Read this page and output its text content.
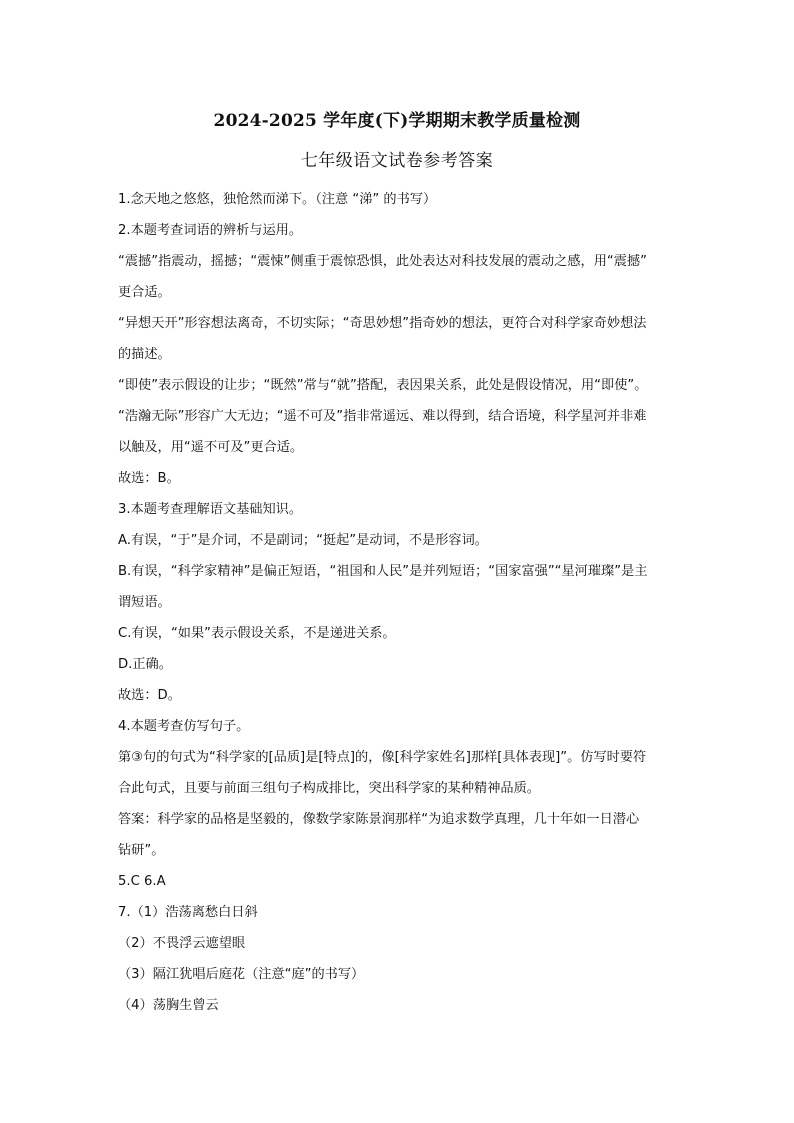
2024-2025 学年度(下)学期期末教学质量检测
七年级语文试卷参考答案
1.念天地之悠悠，独怆然而涕下。（注意 “涕” 的书写）
2.本题考查词语的辨析与运用。
“震撼”指震动，摇撼；“震悚”侧重于震惊恐惧，此处表达对科技发展的震动之感，用“震撼”
更合适。
“异想天开”形容想法离奇，不切实际；“奇思妙想”指奇妙的想法，更符合对科学家奇妙想法
的描述。
“即使”表示假设的让步；“既然”常与“就”搭配，表因果关系，此处是假设情况，用“即使”。
“浩瀚无际”形容广大无边；“遥不可及”指非常遥远、难以得到，结合语境，科学星河并非难
以触及，用“遥不可及”更合适。
故选：B。
3.本题考查理解语文基础知识。
A.有误，“于”是介词，不是副词；“挺起”是动词，不是形容词。
B.有误，“科学家精神”是偏正短语，“祖国和人民”是并列短语；“国家富强”“星河璀璨”是主
谓短语。
C.有误，“如果”表示假设关系，不是递进关系。
D.正确。
故选：D。
4.本题考查仿写句子。
第③句的句式为“科学家的[品质]是[特点]的，像[科学家姓名]那样[具体表现]”。仿写时要符
合此句式，且要与前面三组句子构成排比，突出科学家的某种精神品质。
答案：科学家的品格是坚毅的，像数学家陈景润那样“为追求数学真理，几十年如一日潜心
钻研”。
5.C 6.A
7.（1）浩荡离愁白日斜
（2）不畏浮云遮望眼
（3）隔江犹唱后庭花（注意“庭”的书写）
（4）荡胸生曾云
